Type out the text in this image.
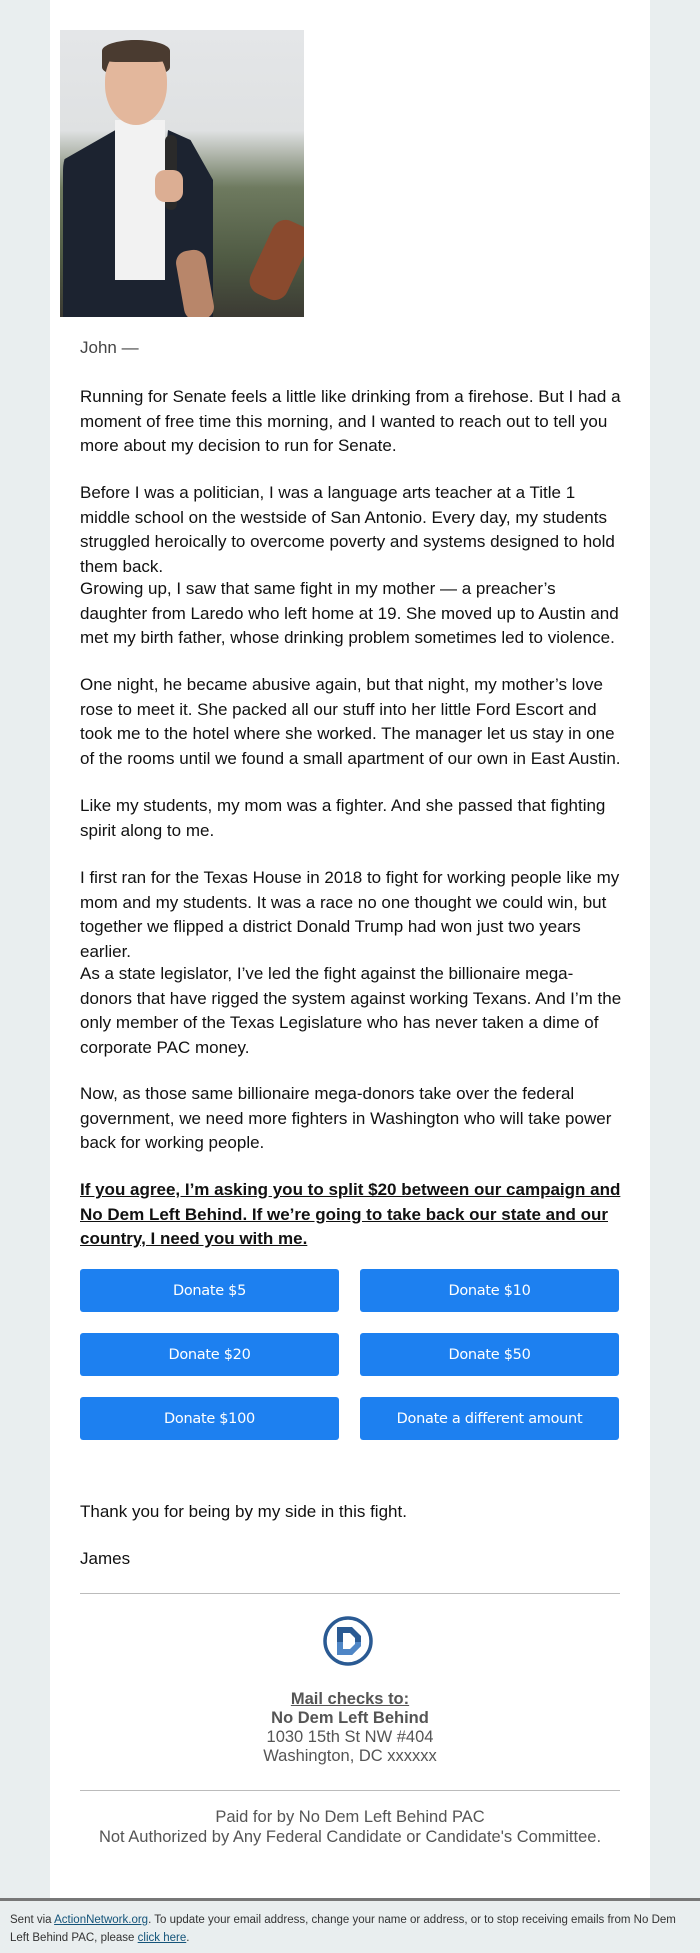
John —

Running for Senate feels a little like drinking from a firehose. But I had a moment of free time this morning, and I wanted to reach out to tell you more about my decision to run for Senate.

Before I was a politician, I was a language arts teacher at a Title 1 middle school on the westside of San Antonio. Every day, my students struggled heroically to overcome poverty and systems designed to hold them back.

Growing up, I saw that same fight in my mother — a preacher’s daughter from Laredo who left home at 19. She moved up to Austin and met my birth father, whose drinking problem sometimes led to violence.

One night, he became abusive again, but that night, my mother’s love rose to meet it. She packed all our stuff into her little Ford Escort and took me to the hotel where she worked. The manager let us stay in one of the rooms until we found a small apartment of our own in East Austin.

Like my students, my mom was a fighter. And she passed that fighting spirit along to me.

I first ran for the Texas House in 2018 to fight for working people like my mom and my students. It was a race no one thought we could win, but together we flipped a district Donald Trump had won just two years earlier.

As a state legislator, I’ve led the fight against the billionaire mega-donors that have rigged the system against working Texans. And I’m the only member of the Texas Legislature who has never taken a dime of corporate PAC money.

Now, as those same billionaire mega-donors take over the federal government, we need more fighters in Washington who will take power back for working people.

If you agree, I’m asking you to split $20 between our campaign and No Dem Left Behind. If we’re going to take back our state and our country, I need you with me.

Donate $5	Donate $10
Donate $20	Donate $50
Donate $100	Donate a different amount

Thank you for being by my side in this fight.

James

Mail checks to:
No Dem Left Behind
1030 15th St NW #404
Washington, DC xxxxxx
Paid for by No Dem Left Behind PAC
Not Authorized by Any Federal Candidate or Candidate's Committee.

Sent via ActionNetwork.org. To update your email address, change your name or address, or to stop receiving emails from No Dem Left Behind PAC, please click here.
